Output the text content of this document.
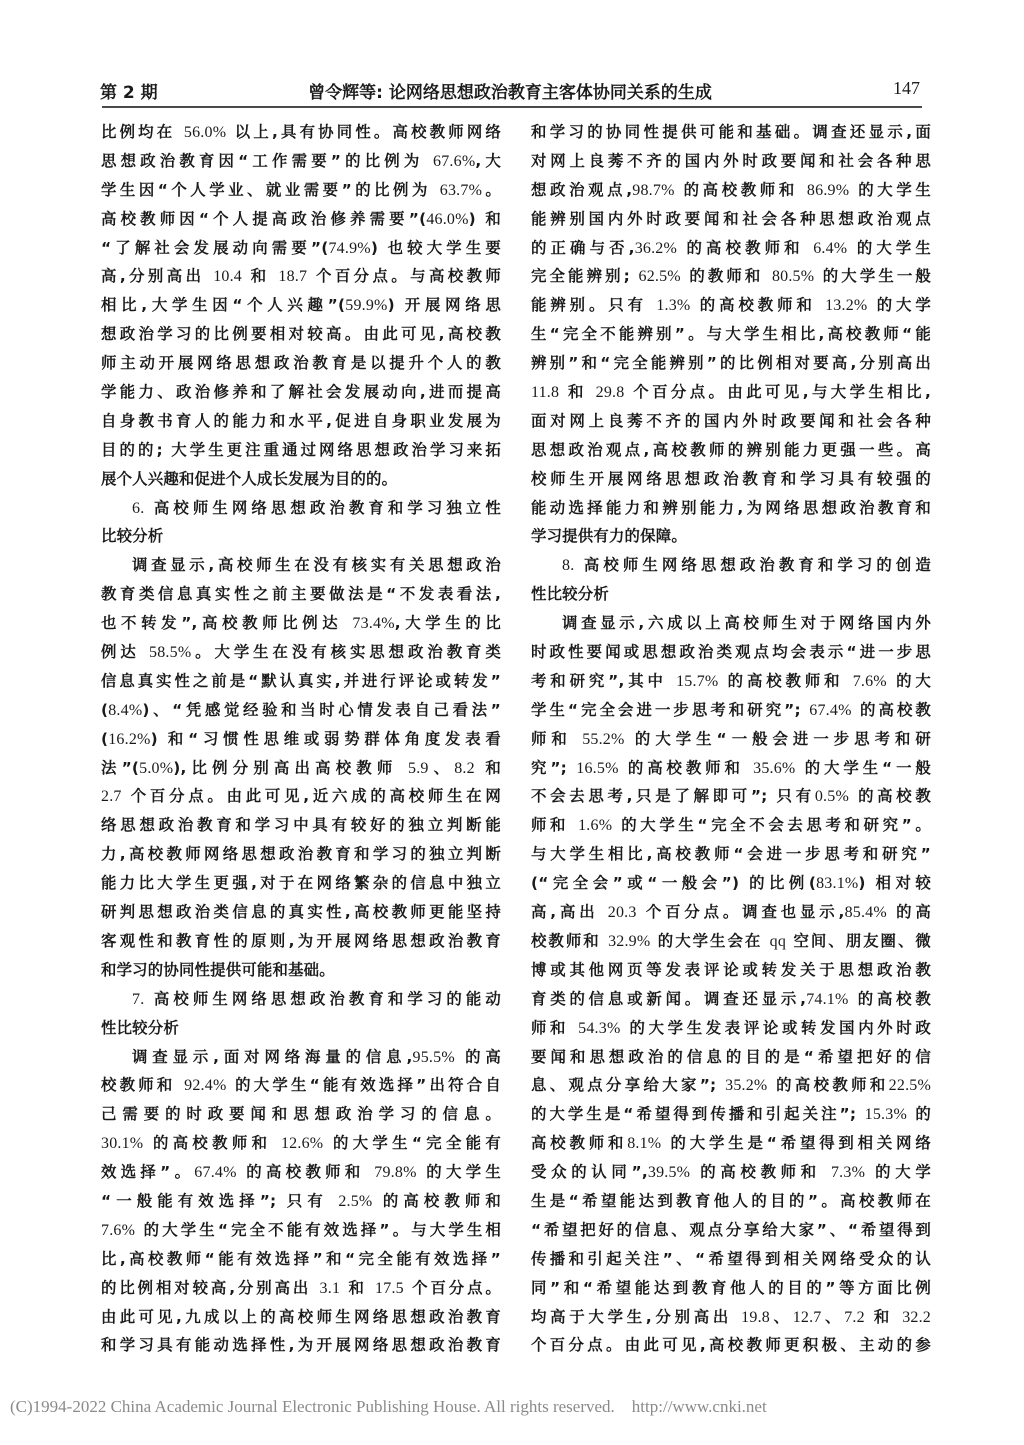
第 2 期	曾令辉等: 论网络思想政治教育主客体协同关系的生成	147
比例均在 56.0% 以上,具有协同性。高校教师网络
思想政治教育因“工作需要”的比例为 67.6%,大
学生因“个人学业、就业需要”的比例为 63.7%。
高校教师因“个人提高政治修养需要”(46.0%) 和
“了解社会发展动向需要”(74.9%) 也较大学生要
高,分别高出 10.4 和 18.7 个百分点。与高校教师
相比,大学生因“个人兴趣”(59.9%) 开展网络思
想政治学习的比例要相对较高。由此可见,高校教
师主动开展网络思想政治教育是以提升个人的教
学能力、政治修养和了解社会发展动向,进而提高
自身教书育人的能力和水平,促进自身职业发展为
目的的; 大学生更注重通过网络思想政治学习来拓
展个人兴趣和促进个人成长发展为目的的。
6. 高校师生网络思想政治教育和学习独立性
比较分析
调查显示,高校师生在没有核实有关思想政治
教育类信息真实性之前主要做法是“不发表看法,
也不转发”,高校教师比例达 73.4%,大学生的比
例达 58.5%。大学生在没有核实思想政治教育类
信息真实性之前是“默认真实,并进行评论或转发”
(8.4%)、“凭感觉经验和当时心情发表自己看法”
(16.2%) 和“习惯性思维或弱势群体角度发表看
法”(5.0%),比例分别高出高校教师 5.9、8.2 和
2.7 个百分点。由此可见,近六成的高校师生在网
络思想政治教育和学习中具有较好的独立判断能
力,高校教师网络思想政治教育和学习的独立判断
能力比大学生更强,对于在网络繁杂的信息中独立
研判思想政治类信息的真实性,高校教师更能坚持
客观性和教育性的原则,为开展网络思想政治教育
和学习的协同性提供可能和基础。
7. 高校师生网络思想政治教育和学习的能动
性比较分析
调查显示,面对网络海量的信息,95.5% 的高
校教师和 92.4% 的大学生“能有效选择”出符合自
己需要的时政要闻和思想政治学习的信息。
30.1% 的高校教师和 12.6% 的大学生“完全能有
效选择”。67.4% 的高校教师和 79.8% 的大学生
“一般能有效选择”; 只有 2.5% 的高校教师和
7.6% 的大学生“完全不能有效选择”。与大学生相
比,高校教师“能有效选择”和“完全能有效选择”
的比例相对较高,分别高出 3.1 和 17.5 个百分点。
由此可见,九成以上的高校师生网络思想政治教育
和学习具有能动选择性,为开展网络思想政治教育
和学习的协同性提供可能和基础。调查还显示,面
对网上良莠不齐的国内外时政要闻和社会各种思
想政治观点,98.7% 的高校教师和 86.9% 的大学生
能辨别国内外时政要闻和社会各种思想政治观点
的正确与否,36.2% 的高校教师和 6.4% 的大学生
完全能辨别; 62.5% 的教师和 80.5% 的大学生一般
能辨别。只有 1.3% 的高校教师和 13.2% 的大学
生“完全不能辨别”。与大学生相比,高校教师“能
辨别”和“完全能辨别”的比例相对要高,分别高出
11.8 和 29.8 个百分点。由此可见,与大学生相比,
面对网上良莠不齐的国内外时政要闻和社会各种
思想政治观点,高校教师的辨别能力更强一些。高
校师生开展网络思想政治教育和学习具有较强的
能动选择能力和辨别能力,为网络思想政治教育和
学习提供有力的保障。
8. 高校师生网络思想政治教育和学习的创造
性比较分析
调查显示,六成以上高校师生对于网络国内外
时政性要闻或思想政治类观点均会表示“进一步思
考和研究”,其中 15.7% 的高校教师和 7.6% 的大
学生“完全会进一步思考和研究”; 67.4% 的高校教
师和 55.2% 的大学生“一般会进一步思考和研
究”; 16.5% 的高校教师和 35.6% 的大学生“一般
不会去思考,只是了解即可”; 只有0.5% 的高校教
师和 1.6% 的大学生“完全不会去思考和研究”。
与大学生相比,高校教师“会进一步思考和研究”
(“完全会”或“一般会”) 的比例(83.1%) 相对较
高,高出 20.3 个百分点。调查也显示,85.4% 的高
校教师和 32.9% 的大学生会在 qq 空间、朋友圈、微
博或其他网页等发表评论或转发关于思想政治教
育类的信息或新闻。调查还显示,74.1% 的高校教
师和 54.3% 的大学生发表评论或转发国内外时政
要闻和思想政治的信息的目的是“希望把好的信
息、观点分享给大家”; 35.2% 的高校教师和22.5%
的大学生是“希望得到传播和引起关注”; 15.3% 的
高校教师和8.1% 的大学生是“希望得到相关网络
受众的认同”,39.5% 的高校教师和 7.3% 的大学
生是“希望能达到教育他人的目的”。高校教师在
“希望把好的信息、观点分享给大家”、“希望得到
传播和引起关注”、“希望得到相关网络受众的认
同”和“希望能达到教育他人的目的”等方面比例
均高于大学生,分别高出 19.8、12.7、7.2 和 32.2
个百分点。由此可见,高校教师更积极、主动的参
(C)1994-2022 China Academic Journal Electronic Publishing House. All rights reserved.    http://www.cnki.net
